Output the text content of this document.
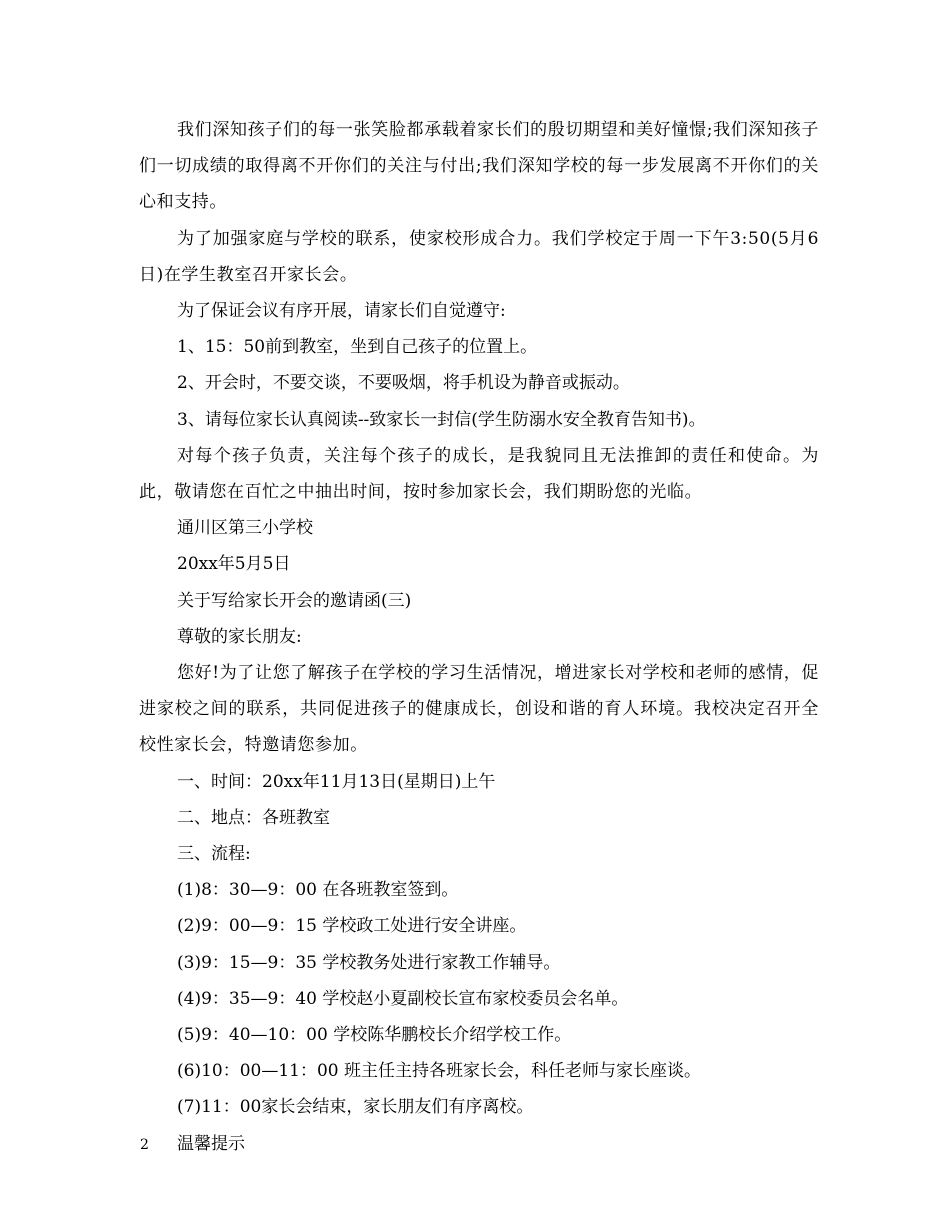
我们深知孩子们的每一张笑脸都承载着家长们的殷切期望和美好憧憬;我们深知孩子们一切成绩的取得离不开你们的关注与付出;我们深知学校的每一步发展离不开你们的关心和支持。

为了加强家庭与学校的联系，使家校形成合力。我们学校定于周一下午3:50(5月6日)在学生教室召开家长会。

为了保证会议有序开展，请家长们自觉遵守:

1、15：50前到教室，坐到自己孩子的位置上。

2、开会时，不要交谈，不要吸烟，将手机设为静音或振动。

3、请每位家长认真阅读--致家长一封信(学生防溺水安全教育告知书)。

对每个孩子负责，关注每个孩子的成长，是我貌同且无法推卸的责任和使命。为此，敬请您在百忙之中抽出时间，按时参加家长会，我们期盼您的光临。

通川区第三小学校

20xx年5月5日

关于写给家长开会的邀请函(三)

尊敬的家长朋友:

您好!为了让您了解孩子在学校的学习生活情况，增进家长对学校和老师的感情，促进家校之间的联系，共同促进孩子的健康成长，创设和谐的育人环境。我校决定召开全校性家长会，特邀请您参加。

一、时间：20xx年11月13日(星期日)上午

二、地点：各班教室

三、流程:

(1)8：30—9：00 在各班教室签到。

(2)9：00—9：15 学校政工处进行安全讲座。

(3)9：15—9：35 学校教务处进行家教工作辅导。

(4)9：35—9：40 学校赵小夏副校长宣布家校委员会名单。

(5)9：40—10：00 学校陈华鹏校长介绍学校工作。

(6)10：00—11：00 班主任主持各班家长会，科任老师与家长座谈。

(7)11：00家长会结束，家长朋友们有序离校。

温馨提示

2
